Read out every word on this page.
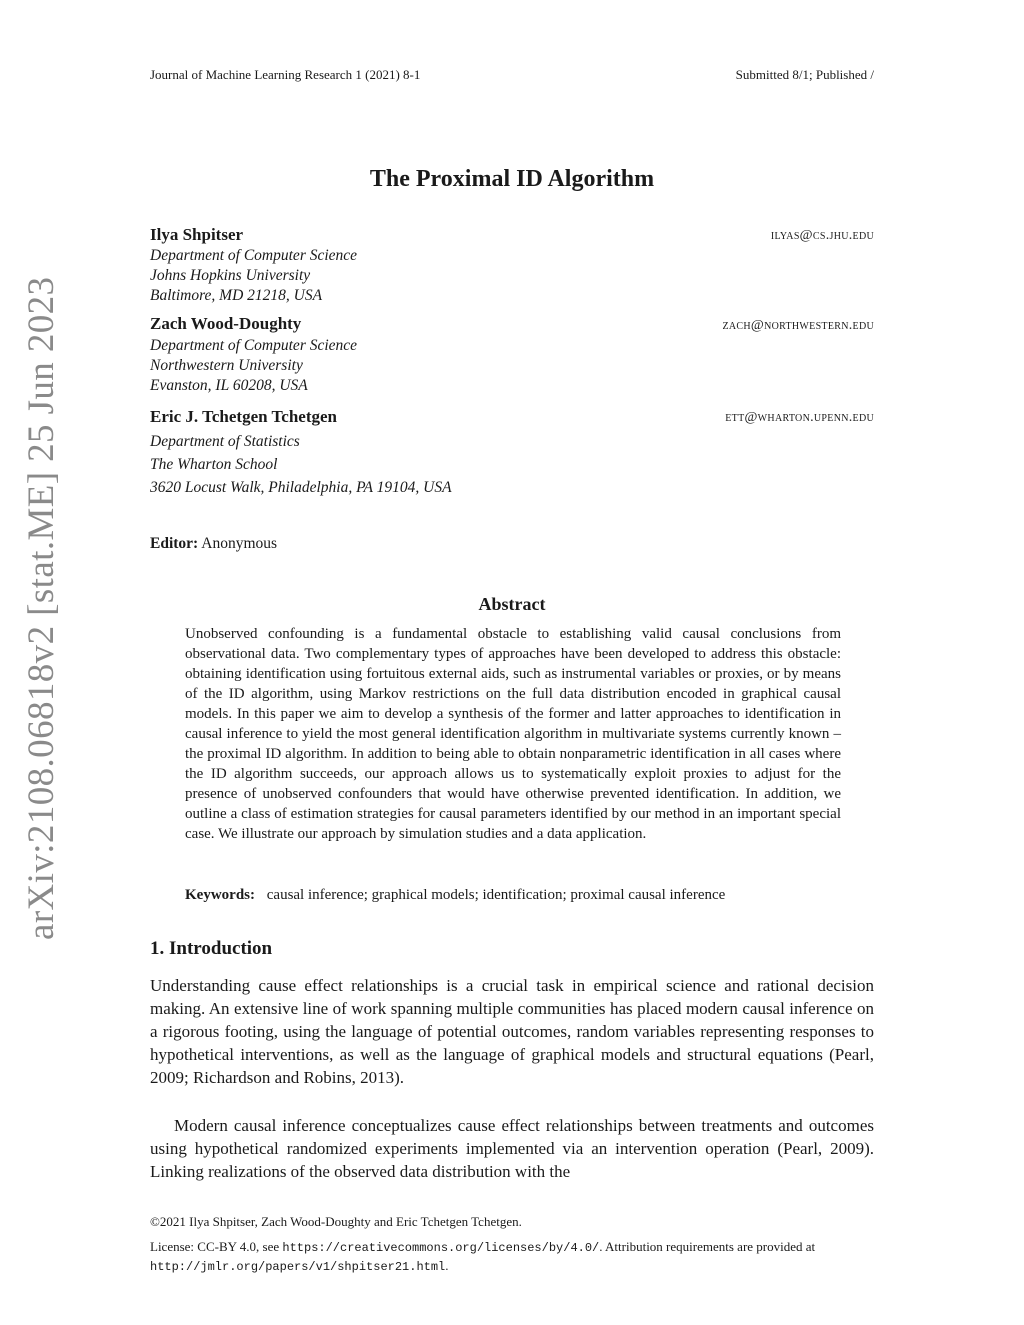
Journal of Machine Learning Research 1 (2021) 8-1	Submitted 8/1; Published /
arXiv:2108.06818v2 [stat.ME] 25 Jun 2023
The Proximal ID Algorithm
Ilya Shpitser	ilyas@cs.jhu.edu
Department of Computer Science
Johns Hopkins University
Baltimore, MD 21218, USA
Zach Wood-Doughty	zach@northwestern.edu
Department of Computer Science
Northwestern University
Evanston, IL 60208, USA
Eric J. Tchetgen Tchetgen	ett@wharton.upenn.edu
Department of Statistics
The Wharton School
3620 Locust Walk, Philadelphia, PA 19104, USA
Editor: Anonymous
Abstract
Unobserved confounding is a fundamental obstacle to establishing valid causal conclusions from observational data. Two complementary types of approaches have been developed to address this obstacle: obtaining identification using fortuitous external aids, such as instrumental variables or proxies, or by means of the ID algorithm, using Markov restrictions on the full data distribution encoded in graphical causal models. In this paper we aim to develop a synthesis of the former and latter approaches to identification in causal inference to yield the most general identification algorithm in multivariate systems currently known – the proximal ID algorithm. In addition to being able to obtain nonparametric identification in all cases where the ID algorithm succeeds, our approach allows us to systematically exploit proxies to adjust for the presence of unobserved confounders that would have otherwise prevented identification. In addition, we outline a class of estimation strategies for causal parameters identified by our method in an important special case. We illustrate our approach by simulation studies and a data application.
Keywords: causal inference; graphical models; identification; proximal causal inference
1. Introduction
Understanding cause effect relationships is a crucial task in empirical science and rational decision making. An extensive line of work spanning multiple communities has placed modern causal inference on a rigorous footing, using the language of potential outcomes, random variables representing responses to hypothetical interventions, as well as the language of graphical models and structural equations (Pearl, 2009; Richardson and Robins, 2013).
Modern causal inference conceptualizes cause effect relationships between treatments and outcomes using hypothetical randomized experiments implemented via an intervention operation (Pearl, 2009). Linking realizations of the observed data distribution with the
©2021 Ilya Shpitser, Zach Wood-Doughty and Eric Tchetgen Tchetgen.
License: CC-BY 4.0, see https://creativecommons.org/licenses/by/4.0/. Attribution requirements are provided at http://jmlr.org/papers/v1/shpitser21.html.
